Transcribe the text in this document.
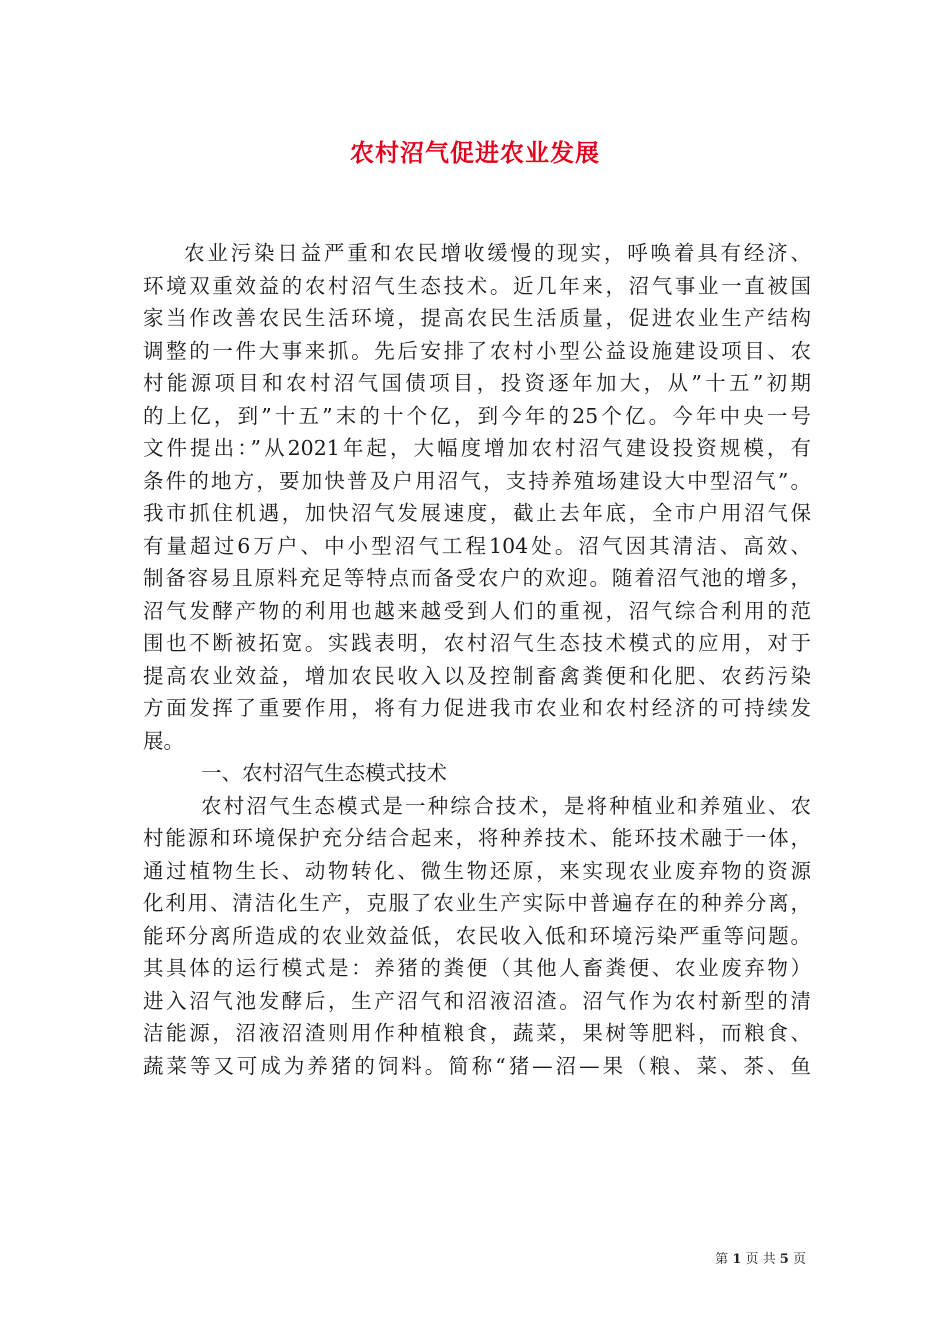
农村沼气促进农业发展
农业污染日益严重和农民增收缓慢的现实，呼唤着具有经济、
环境双重效益的农村沼气生态技术。近几年来，沼气事业一直被国
家当作改善农民生活环境，提高农民生活质量，促进农业生产结构
调整的一件大事来抓。先后安排了农村小型公益设施建设项目、农
村能源项目和农村沼气国债项目，投资逐年加大，从”十五”初期
的上亿，到”十五”末的十个亿，到今年的25个亿。今年中央一号
文件提出：”从2021年起，大幅度增加农村沼气建设投资规模，有
条件的地方，要加快普及户用沼气，支持养殖场建设大中型沼气”。
我市抓住机遇，加快沼气发展速度，截止去年底，全市户用沼气保
有量超过6万户、中小型沼气工程104处。沼气因其清洁、高效、
制备容易且原料充足等特点而备受农户的欢迎。随着沼气池的增多，
沼气发酵产物的利用也越来越受到人们的重视，沼气综合利用的范
围也不断被拓宽。实践表明，农村沼气生态技术模式的应用，对于
提高农业效益，增加农民收入以及控制畜禽粪便和化肥、农药污染
方面发挥了重要作用，将有力促进我市农业和农村经济的可持续发
展。
一、农村沼气生态模式技术
农村沼气生态模式是一种综合技术，是将种植业和养殖业、农
村能源和环境保护充分结合起来，将种养技术、能环技术融于一体，
通过植物生长、动物转化、微生物还原，来实现农业废弃物的资源
化利用、清洁化生产，克服了农业生产实际中普遍存在的种养分离，
能环分离所造成的农业效益低，农民收入低和环境污染严重等问题。
其具体的运行模式是：养猪的粪便（其他人畜粪便、农业废弃物）
进入沼气池发酵后，生产沼气和沼液沼渣。沼气作为农村新型的清
洁能源，沼液沼渣则用作种植粮食，蔬菜，果树等肥料，而粮食、
蔬菜等又可成为养猪的饲料。简称“猪—沼—果（粮、菜、茶、鱼
第 1 页 共 5 页
